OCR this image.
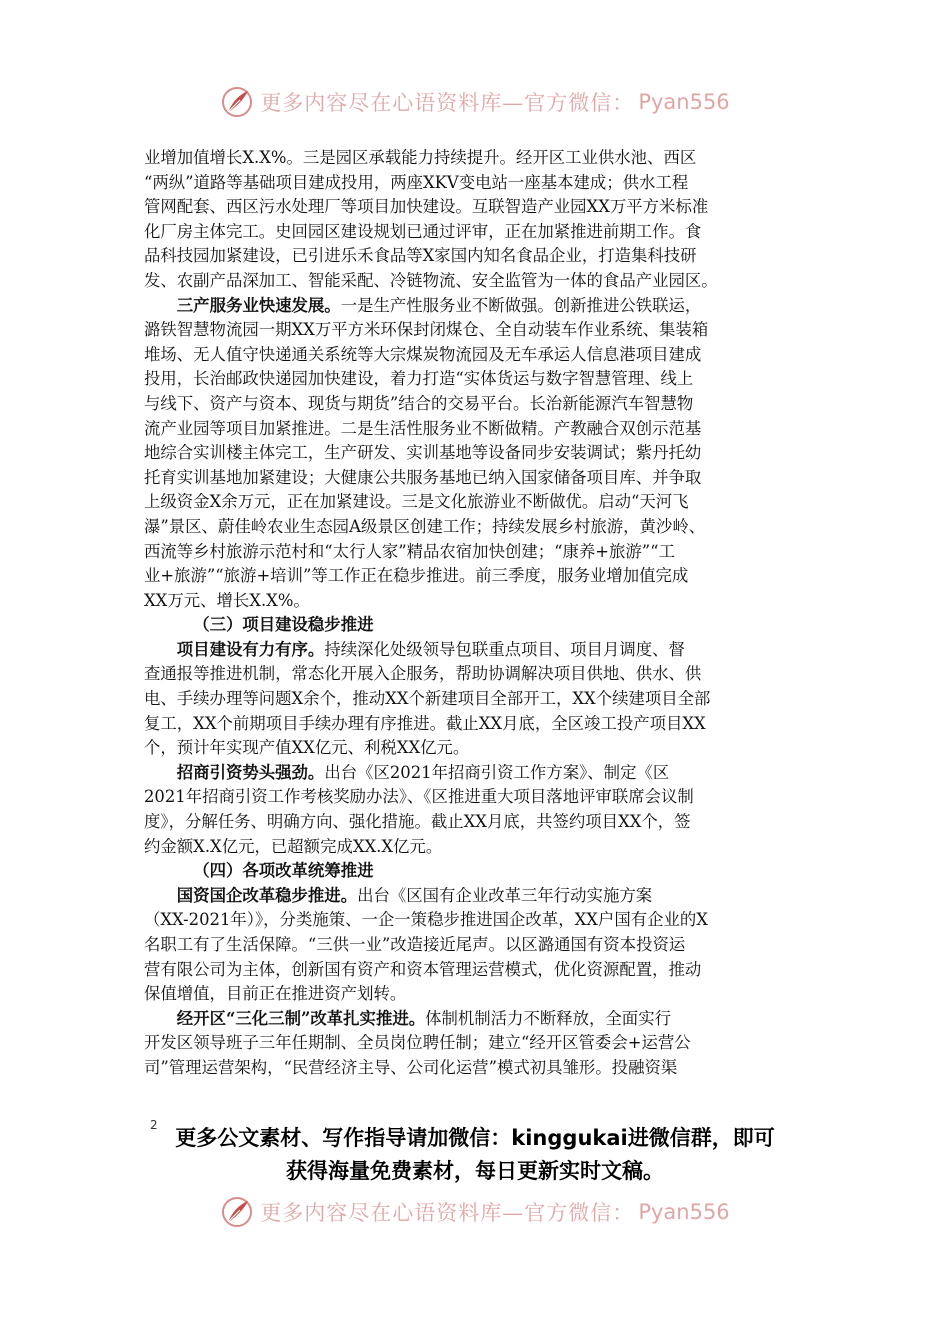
更多内容尽在心语资料库—官方微信： Pyan556
业增加值增长X.X%。三是园区承载能力持续提升。经开区工业供水池、西区
“两纵”道路等基础项目建成投用，两座XKV变电站一座基本建成；供水工程
管网配套、西区污水处理厂等项目加快建设。互联智造产业园XX万平方米标准
化厂房主体完工。史回园区建设规划已通过评审，正在加紧推进前期工作。食
品科技园加紧建设，已引进乐禾食品等X家国内知名食品企业，打造集科技研
发、农副产品深加工、智能采配、冷链物流、安全监管为一体的食品产业园区。
三产服务业快速发展。一是生产性服务业不断做强。创新推进公铁联运，
潞铁智慧物流园一期XX万平方米环保封闭煤仓、全自动装车作业系统、集装箱
堆场、无人值守快递通关系统等大宗煤炭物流园及无车承运人信息港项目建成
投用，长治邮政快递园加快建设，着力打造“实体货运与数字智慧管理、线上
与线下、资产与资本、现货与期货”结合的交易平台。长治新能源汽车智慧物
流产业园等项目加紧推进。二是生活性服务业不断做精。产教融合双创示范基
地综合实训楼主体完工，生产研发、实训基地等设备同步安装调试；紫丹托幼
托育实训基地加紧建设；大健康公共服务基地已纳入国家储备项目库、并争取
上级资金X余万元，正在加紧建设。三是文化旅游业不断做优。启动“天河飞
瀑”景区、蔚佳岭农业生态园A级景区创建工作；持续发展乡村旅游，黄沙岭、
西流等乡村旅游示范村和“太行人家”精品农宿加快创建；“康养+旅游”“工
业+旅游”“旅游+培训”等工作正在稳步推进。前三季度，服务业增加值完成
XX万元、增长X.X%。
（三）项目建设稳步推进
项目建设有力有序。持续深化处级领导包联重点项目、项目月调度、督
查通报等推进机制，常态化开展入企服务，帮助协调解决项目供地、供水、供
电、手续办理等问题X余个，推动XX个新建项目全部开工，XX个续建项目全部
复工，XX个前期项目手续办理有序推进。截止XX月底，全区竣工投产项目XX
个，预计年实现产值XX亿元、利税XX亿元。
招商引资势头强劲。出台《区2021年招商引资工作方案》、制定《区
2021年招商引资工作考核奖励办法》、《区推进重大项目落地评审联席会议制
度》，分解任务、明确方向、强化措施。截止XX月底，共签约项目XX个，签
约金额X.X亿元，已超额完成XX.X亿元。
（四）各项改革统筹推进
国资国企改革稳步推进。出台《区国有企业改革三年行动实施方案
（XX-2021年）》，分类施策、一企一策稳步推进国企改革，XX户国有企业的X
名职工有了生活保障。“三供一业”改造接近尾声。以区潞通国有资本投资运
营有限公司为主体，创新国有资产和资本管理运营模式，优化资源配置，推动
保值增值，目前正在推进资产划转。
经开区“三化三制”改革扎实推进。体制机制活力不断释放，全面实行
开发区领导班子三年任期制、全员岗位聘任制；建立“经开区管委会+运营公
司”管理运营架构，“民营经济主导、公司化运营”模式初具雏形。投融资渠
2
更多公文素材、写作指导请加微信：kinggukai进微信群，即可
获得海量免费素材，每日更新实时文稿。
更多内容尽在心语资料库—官方微信： Pyan556
